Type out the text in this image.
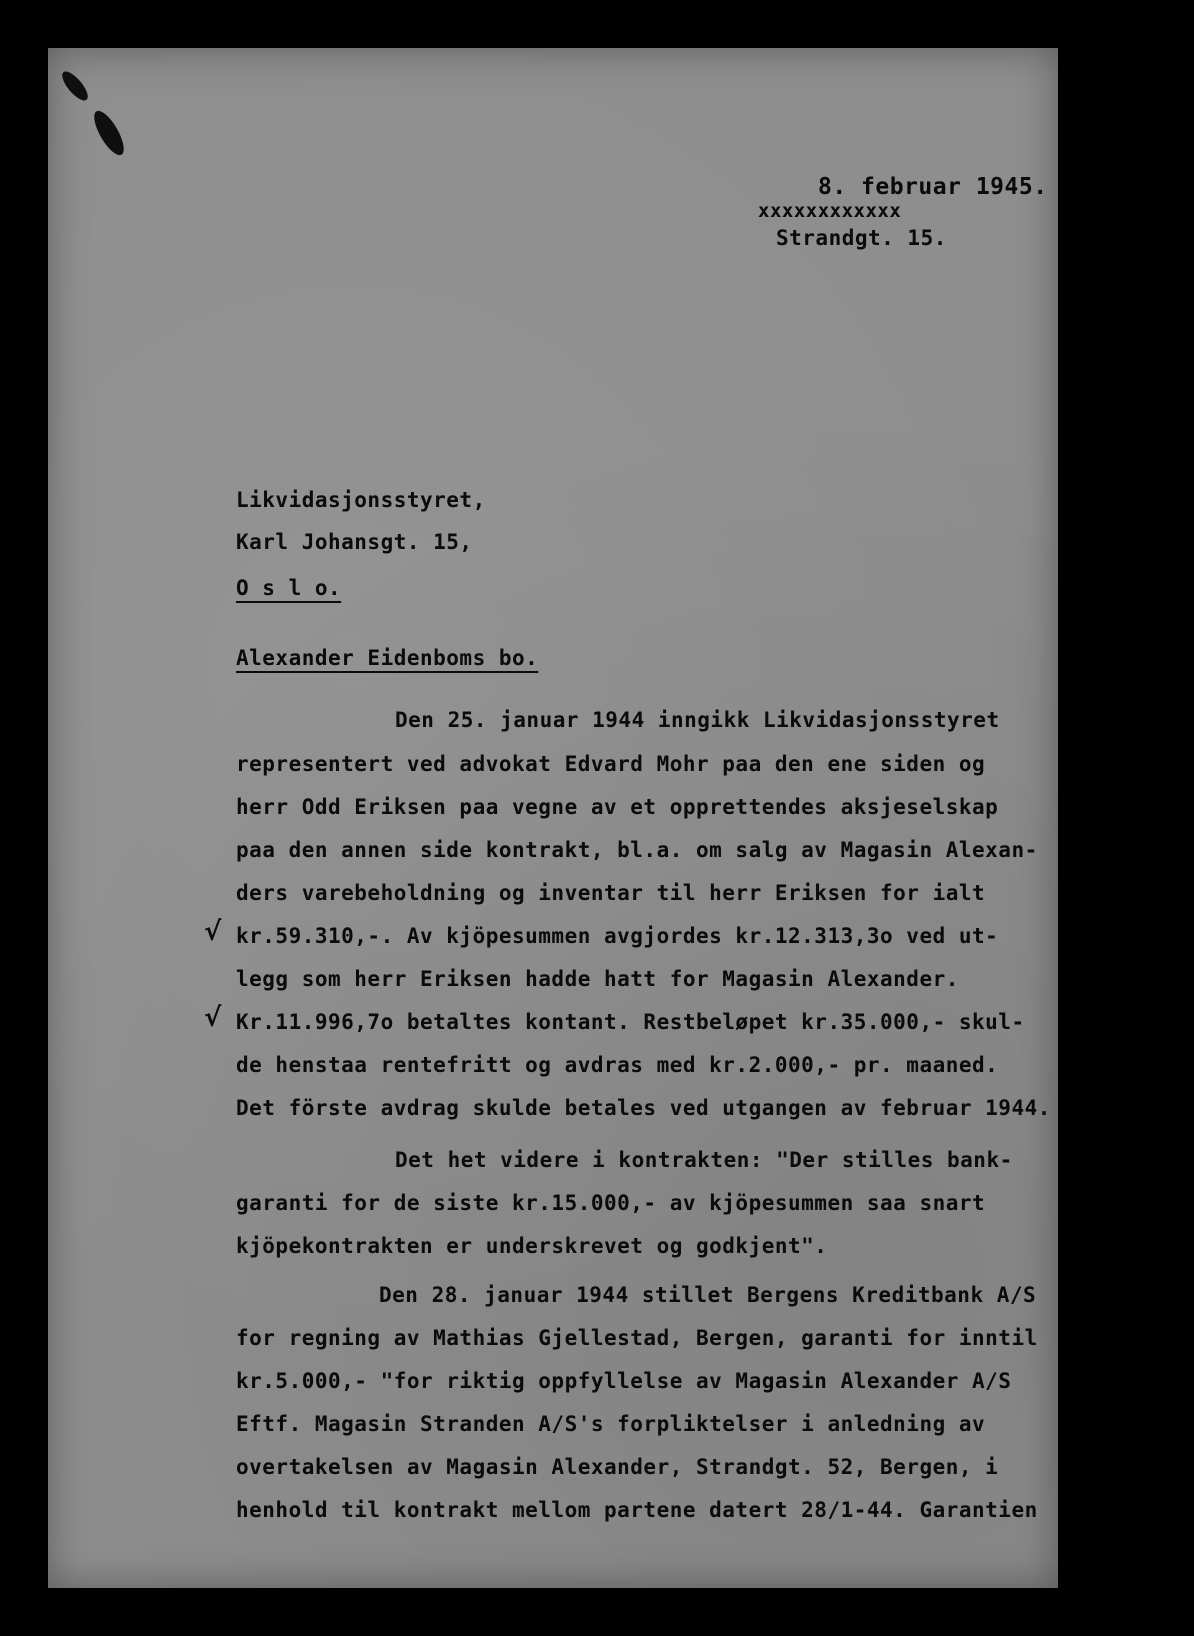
8. februar 1945.
xxxxxxxxxxxx
Strandgt. 15.
Likvidasjonsstyret,
Karl Johansgt. 15,
O s l o.
Alexander Eidenboms bo.
Den 25. januar 1944 inngikk Likvidasjonsstyret
representert ved advokat Edvard Mohr paa den ene siden og
herr Odd Eriksen paa vegne av et opprettendes aksjeselskap
paa den annen side kontrakt, bl.a. om salg av Magasin Alexan-
ders varebeholdning og inventar til herr Eriksen for ialt
kr.59.310,-. Av kjöpesummen avgjordes kr.12.313,3o ved ut-
legg som herr Eriksen hadde hatt for Magasin Alexander.
Kr.11.996,7o betaltes kontant. Restbeløpet kr.35.000,- skul-
de henstaa rentefritt og avdras med kr.2.000,- pr. maaned.
Det förste avdrag skulde betales ved utgangen av februar 1944.
Det het videre i kontrakten: "Der stilles bank-
garanti for de siste kr.15.000,- av kjöpesummen saa snart
kjöpekontrakten er underskrevet og godkjent".
Den 28. januar 1944 stillet Bergens Kreditbank A/S
for regning av Mathias Gjellestad, Bergen, garanti for inntil
kr.5.000,- "for riktig oppfyllelse av Magasin Alexander A/S
Eftf. Magasin Stranden A/S's forpliktelser i anledning av
overtakelsen av Magasin Alexander, Strandgt. 52, Bergen, i
henhold til kontrakt mellom partene datert 28/1-44. Garantien
√
√
